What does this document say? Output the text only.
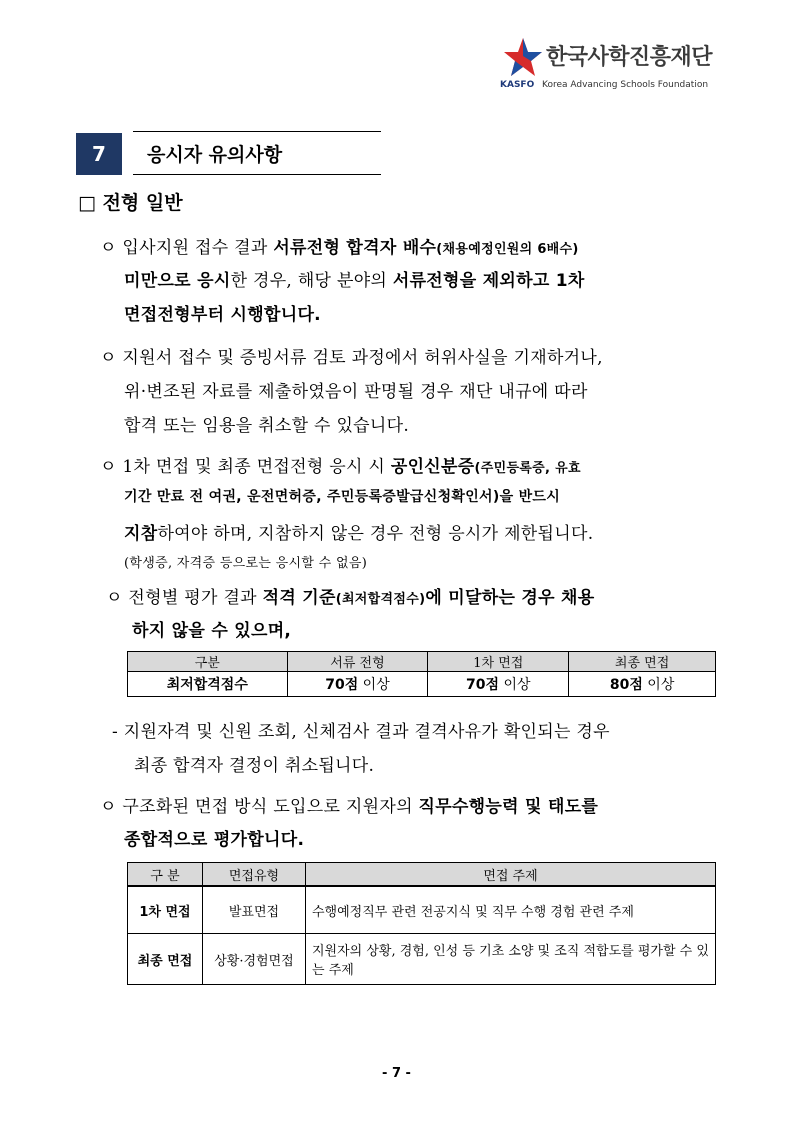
한국사학진흥재단
KASFO Korea Advancing Schools Foundation
7	응시자 유의사항
□ 전형 일반
ㅇ 입사지원 접수 결과 서류전형 합격자 배수(채용예정인원의 6배수)
미만으로 응시한 경우, 해당 분야의 서류전형을 제외하고 1차
면접전형부터 시행합니다.
ㅇ 지원서 접수 및 증빙서류 검토 과정에서 허위사실을 기재하거나,
위·변조된 자료를 제출하였음이 판명될 경우 재단 내규에 따라
합격 또는 임용을 취소할 수 있습니다.
ㅇ 1차 면접 및 최종 면접전형 응시 시 공인신분증(주민등록증, 유효
기간 만료 전 여권, 운전면허증, 주민등록증발급신청확인서)을 반드시
지참하여야 하며, 지참하지 않은 경우 전형 응시가 제한됩니다.
(학생증, 자격증 등으로는 응시할 수 없음)
ㅇ 전형별 평가 결과 적격 기준(최저합격점수)에 미달하는 경우 채용
하지 않을 수 있으며,
구분	서류 전형	1차 면접	최종 면접
최저합격점수	70점 이상	70점 이상	80점 이상
- 지원자격 및 신원 조회, 신체검사 결과 결격사유가 확인되는 경우
최종 합격자 결정이 취소됩니다.
ㅇ 구조화된 면접 방식 도입으로 지원자의 직무수행능력 및 태도를
종합적으로 평가합니다.
구 분	면접유형	면접 주제
1차 면접	발표면접	수행예정직무 관련 전공지식 및 직무 수행 경험 관련 주제
최종 면접	상황·경험면접	지원자의 상황, 경험, 인성 등 기초 소양 및 조직 적합도를 평가할 수 있는 주제
- 7 -
